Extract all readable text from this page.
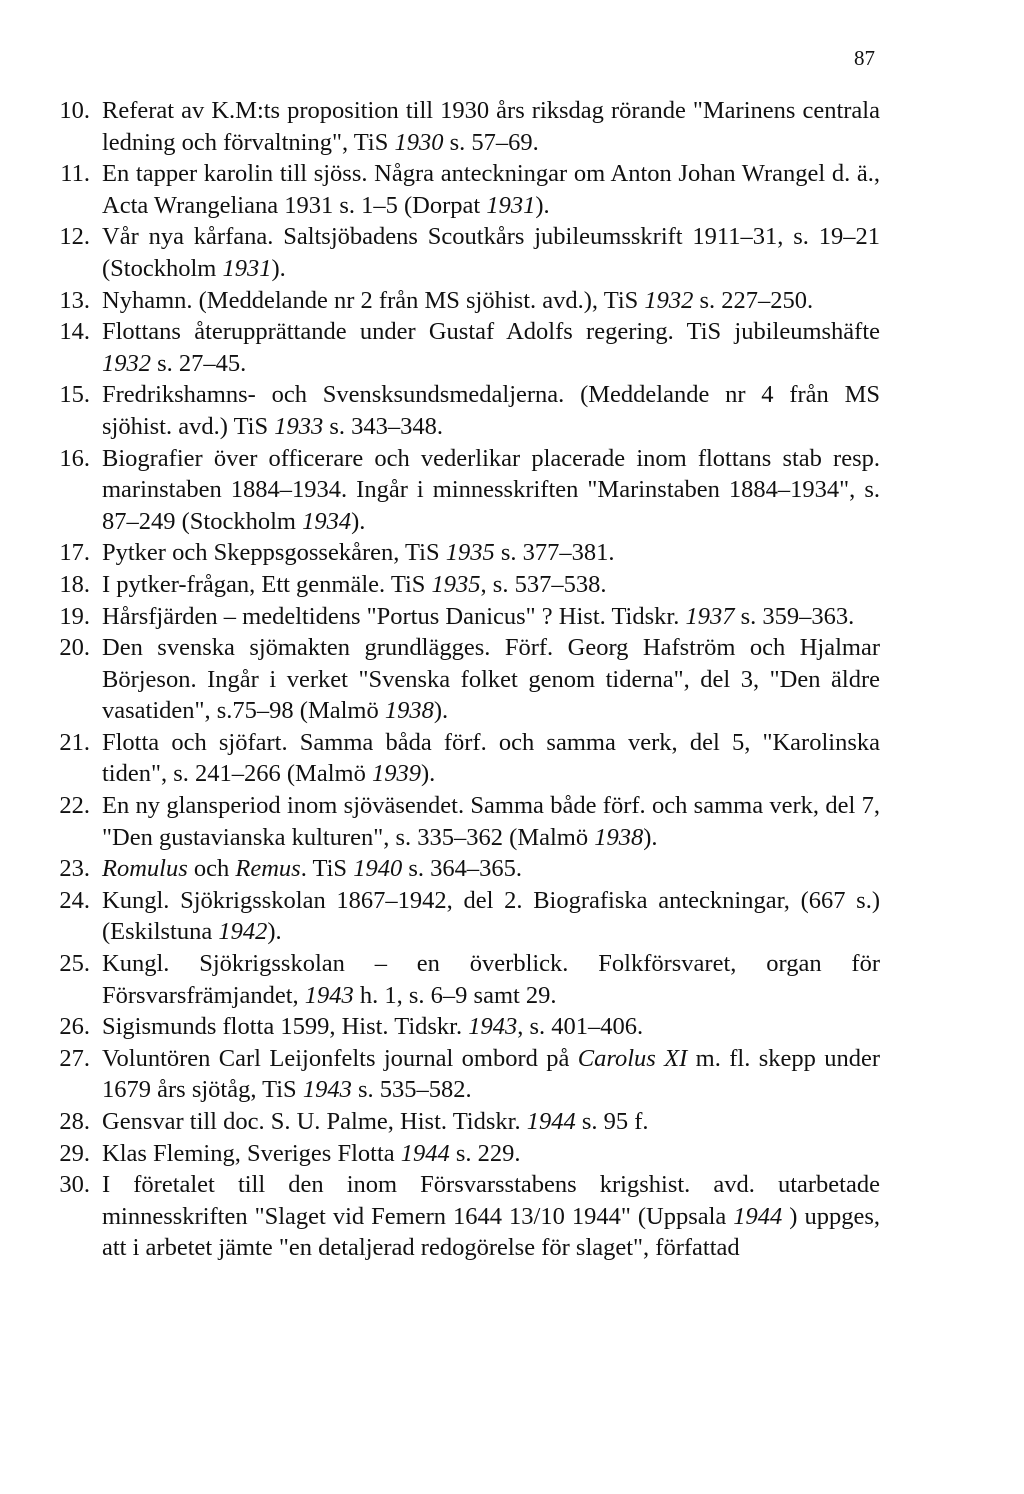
87
10. Referat av K.M:ts proposition till 1930 års riksdag rörande "Marinens centrala ledning och förvaltning", TiS 1930 s. 57–69.
11. En tapper karolin till sjöss. Några anteckningar om Anton Johan Wrangel d. ä., Acta Wrangeliana 1931 s. 1–5 (Dorpat 1931).
12. Vår nya kårfana. Saltsjöbadens Scoutkårs jubileumsskrift 1911–31, s. 19–21 (Stockholm 1931).
13. Nyhamn. (Meddelande nr 2 från MS sjöhist. avd.), TiS 1932 s. 227–250.
14. Flottans återupprättande under Gustaf Adolfs regering. TiS jubileumshäfte 1932 s. 27–45.
15. Fredrikshamns- och Svensksundsmedaljerna. (Meddelande nr 4 från MS sjöhist. avd.) TiS 1933 s. 343–348.
16. Biografier över officerare och vederlikar placerade inom flottans stab resp. marinstaben 1884–1934. Ingår i minnesskriften "Marinstaben 1884–1934", s. 87–249 (Stockholm 1934).
17. Pytker och Skeppsgossekåren, TiS 1935 s. 377–381.
18. I pytker-frågan, Ett genmäle. TiS 1935, s. 537–538.
19. Hårsfjärden – medeltidens "Portus Danicus" ? Hist. Tidskr. 1937 s. 359–363.
20. Den svenska sjömakten grundlägges. Förf. Georg Hafström och Hjalmar Börjeson. Ingår i verket "Svenska folket genom tiderna", del 3, "Den äldre vasatiden", s.75–98 (Malmö 1938).
21. Flotta och sjöfart. Samma båda förf. och samma verk, del 5, "Karolinska tiden", s. 241–266 (Malmö 1939).
22. En ny glansperiod inom sjöväsendet. Samma både förf. och samma verk, del 7, "Den gustavianska kulturen", s. 335–362 (Malmö 1938).
23. Romulus och Remus. TiS 1940 s. 364–365.
24. Kungl. Sjökrigsskolan 1867–1942, del 2. Biografiska anteckningar, (667 s.) (Eskilstuna 1942).
25. Kungl. Sjökrigsskolan – en överblick. Folkförsvaret, organ för Försvarsfrämjandet, 1943 h. 1, s. 6–9 samt 29.
26. Sigismunds flotta 1599, Hist. Tidskr. 1943, s. 401–406.
27. Voluntören Carl Leijonfelts journal ombord på Carolus XI m. fl. skepp under 1679 års sjötåg, TiS 1943 s. 535–582.
28. Gensvar till doc. S. U. Palme, Hist. Tidskr. 1944 s. 95 f.
29. Klas Fleming, Sveriges Flotta 1944 s. 229.
30. I företalet till den inom Försvarsstabens krigshist. avd. utarbetade minnesskriften "Slaget vid Femern 1644 13/10 1944" (Uppsala 1944 ) uppges, att i arbetet jämte "en detaljerad redogörelse för slaget", författad
